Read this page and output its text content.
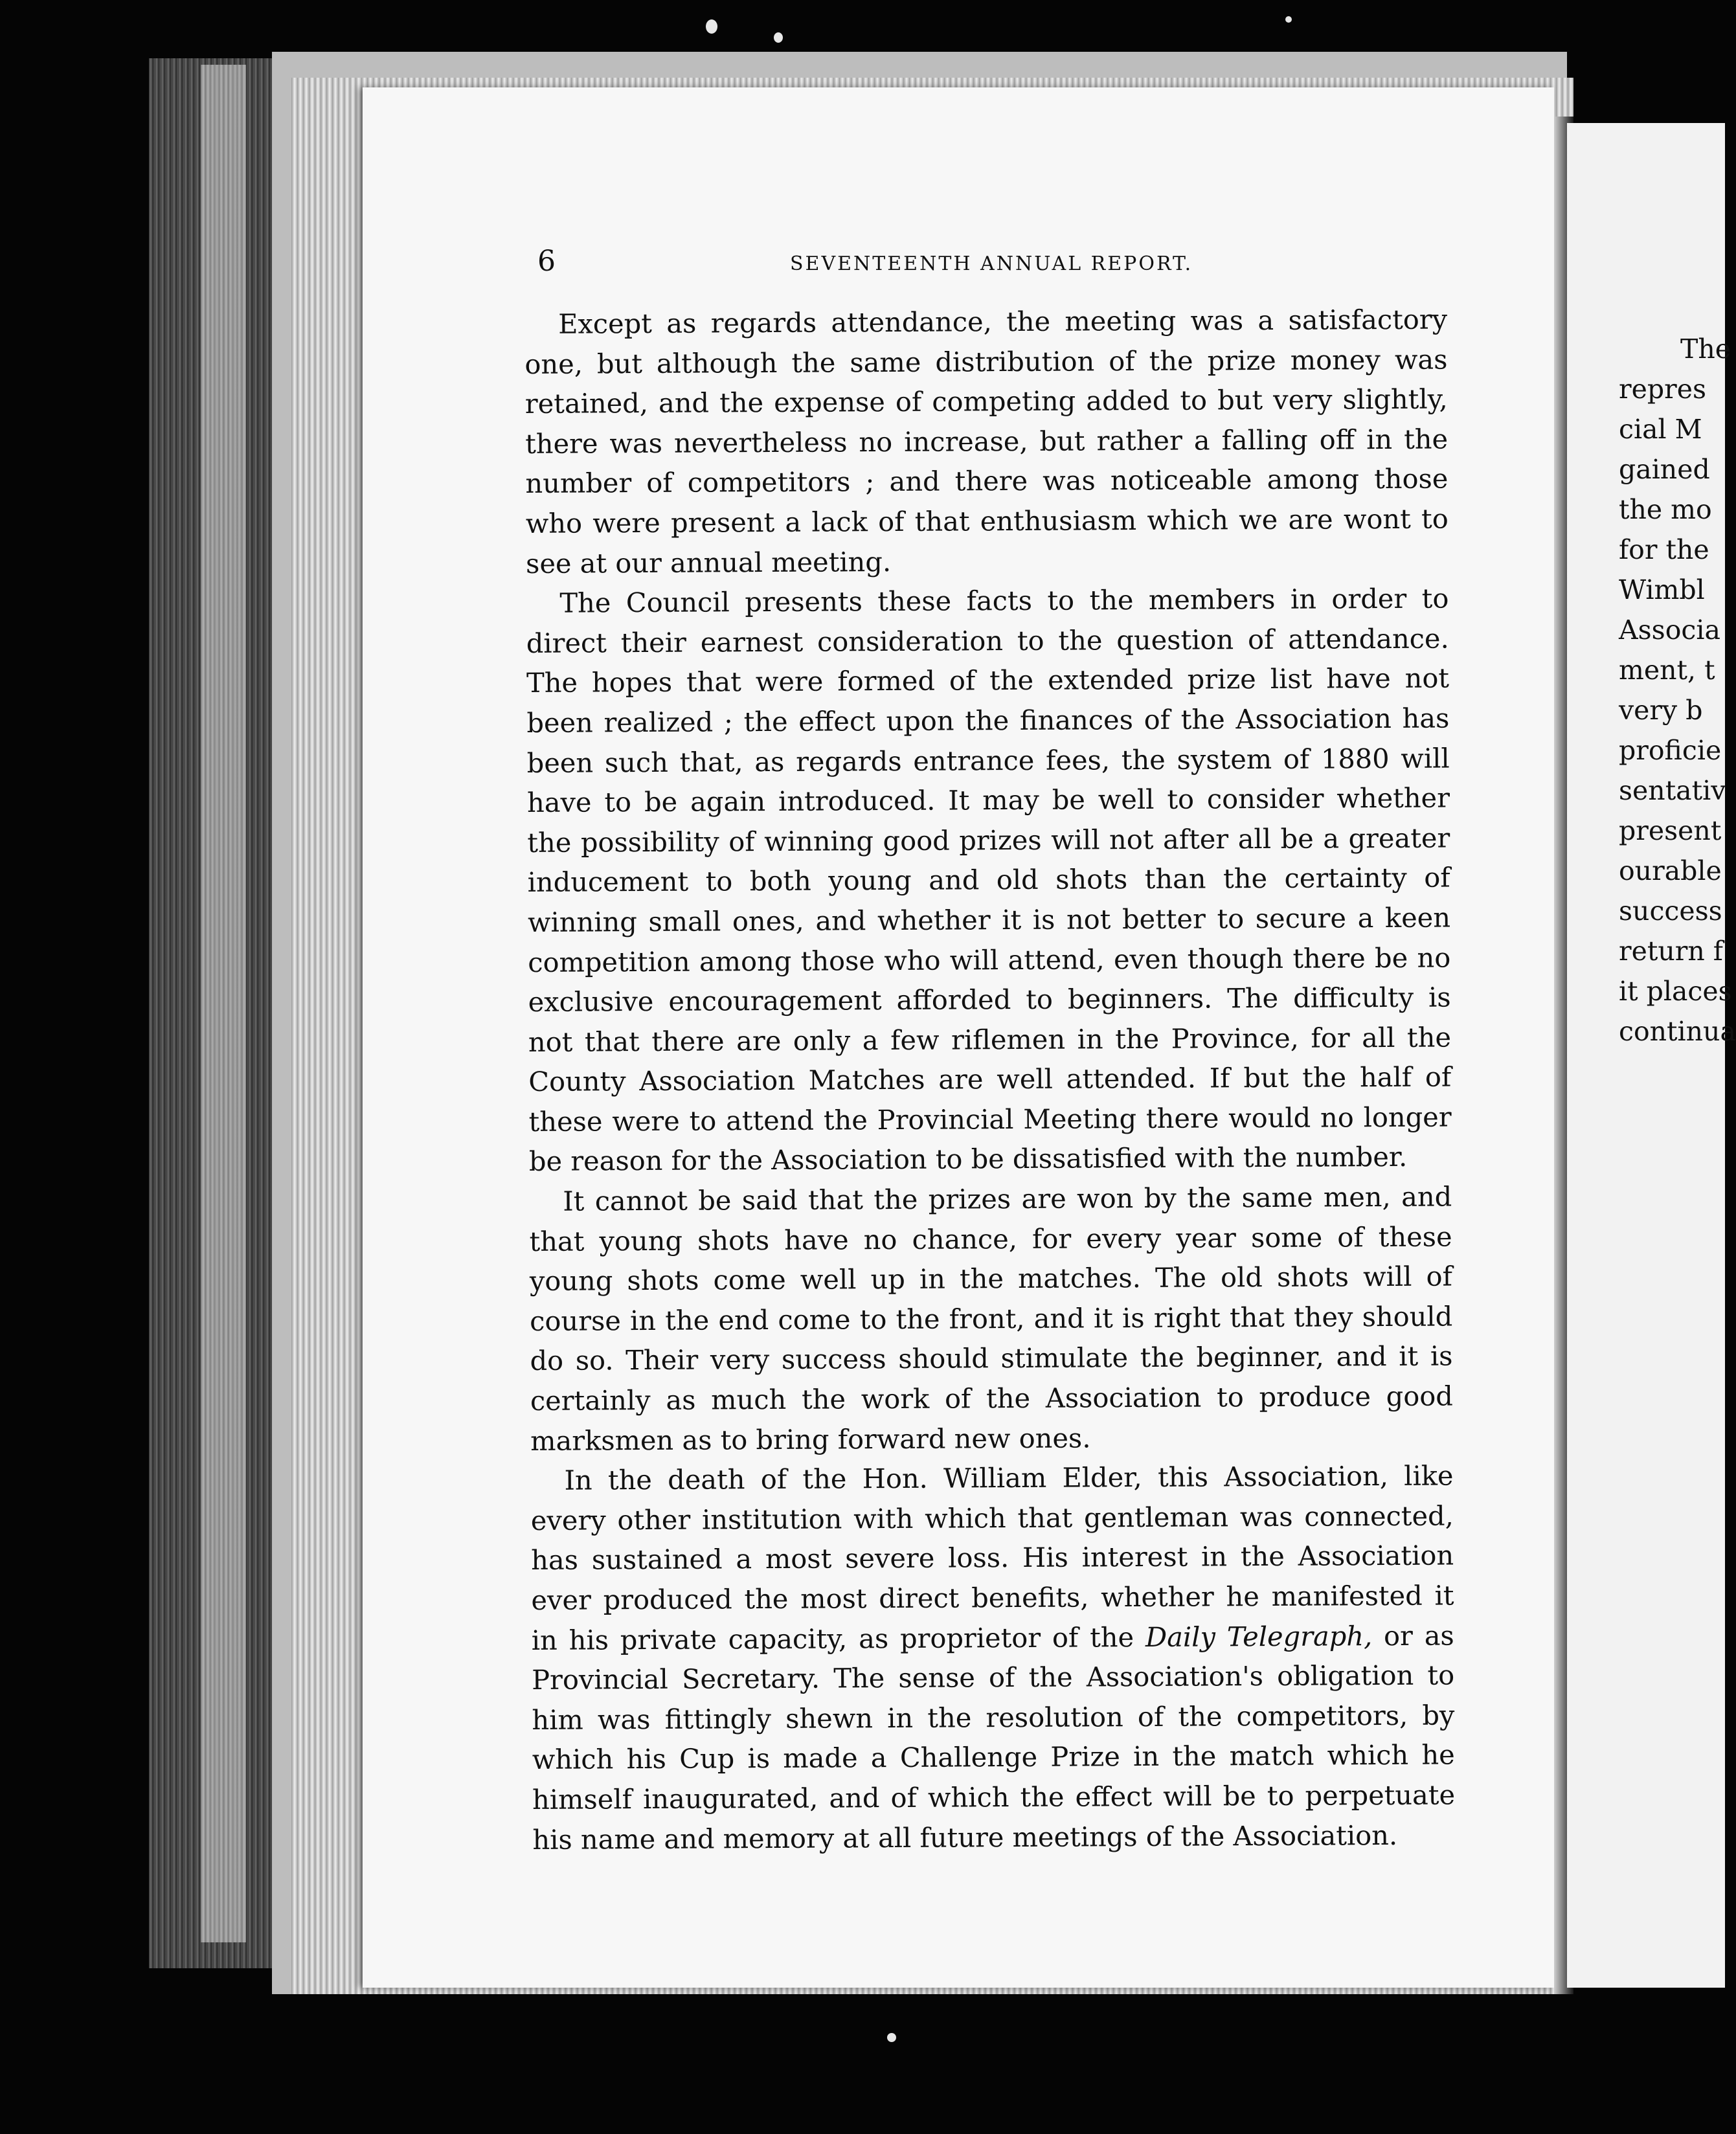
6	SEVENTEENTH ANNUAL REPORT.

Except as regards attendance, the meeting was a satisfactory one, but although the same distribution of the prize money was retained, and the expense of competing added to but very slightly, there was nevertheless no increase, but rather a falling off in the number of competitors ; and there was noticeable among those who were present a lack of that enthusiasm which we are wont to see at our annual meeting.

The Council presents these facts to the members in order to direct their earnest consideration to the question of attendance. The hopes that were formed of the extended prize list have not been realized ; the effect upon the finances of the Association has been such that, as regards entrance fees, the system of 1880 will have to be again introduced. It may be well to consider whether the possibility of winning good prizes will not after all be a greater inducement to both young and old shots than the certainty of winning small ones, and whether it is not better to secure a keen competition among those who will attend, even though there be no exclusive encouragement afforded to beginners. The difficulty is not that there are only a few riflemen in the Province, for all the County Association Matches are well attended. If but the half of these were to attend the Provincial Meeting there would no longer be reason for the Association to be dissatisfied with the number.

It cannot be said that the prizes are won by the same men, and that young shots have no chance, for every year some of these young shots come well up in the matches. The old shots will of course in the end come to the front, and it is right that they should do so. Their very success should stimulate the beginner, and it is certainly as much the work of the Association to produce good marksmen as to bring forward new ones.

In the death of the Hon. William Elder, this Association, like every other institution with which that gentleman was connected, has sustained a most severe loss. His interest in the Association ever produced the most direct benefits, whether he manifested it in his private capacity, as proprietor of the Daily Telegraph, or as Provincial Secretary. The sense of the Association's obligation to him was fittingly shewn in the resolution of the competitors, by which his Cup is made a Challenge Prize in the match which he himself inaugurated, and of which the effect will be to perpetuate his name and memory at all future meetings of the Association.

The
repres
cial M
gained
the mo
for the
Wimbl
Associa
ment, t
very b
proficie
sentativ
present
ourable
success
return f
it places
continua
